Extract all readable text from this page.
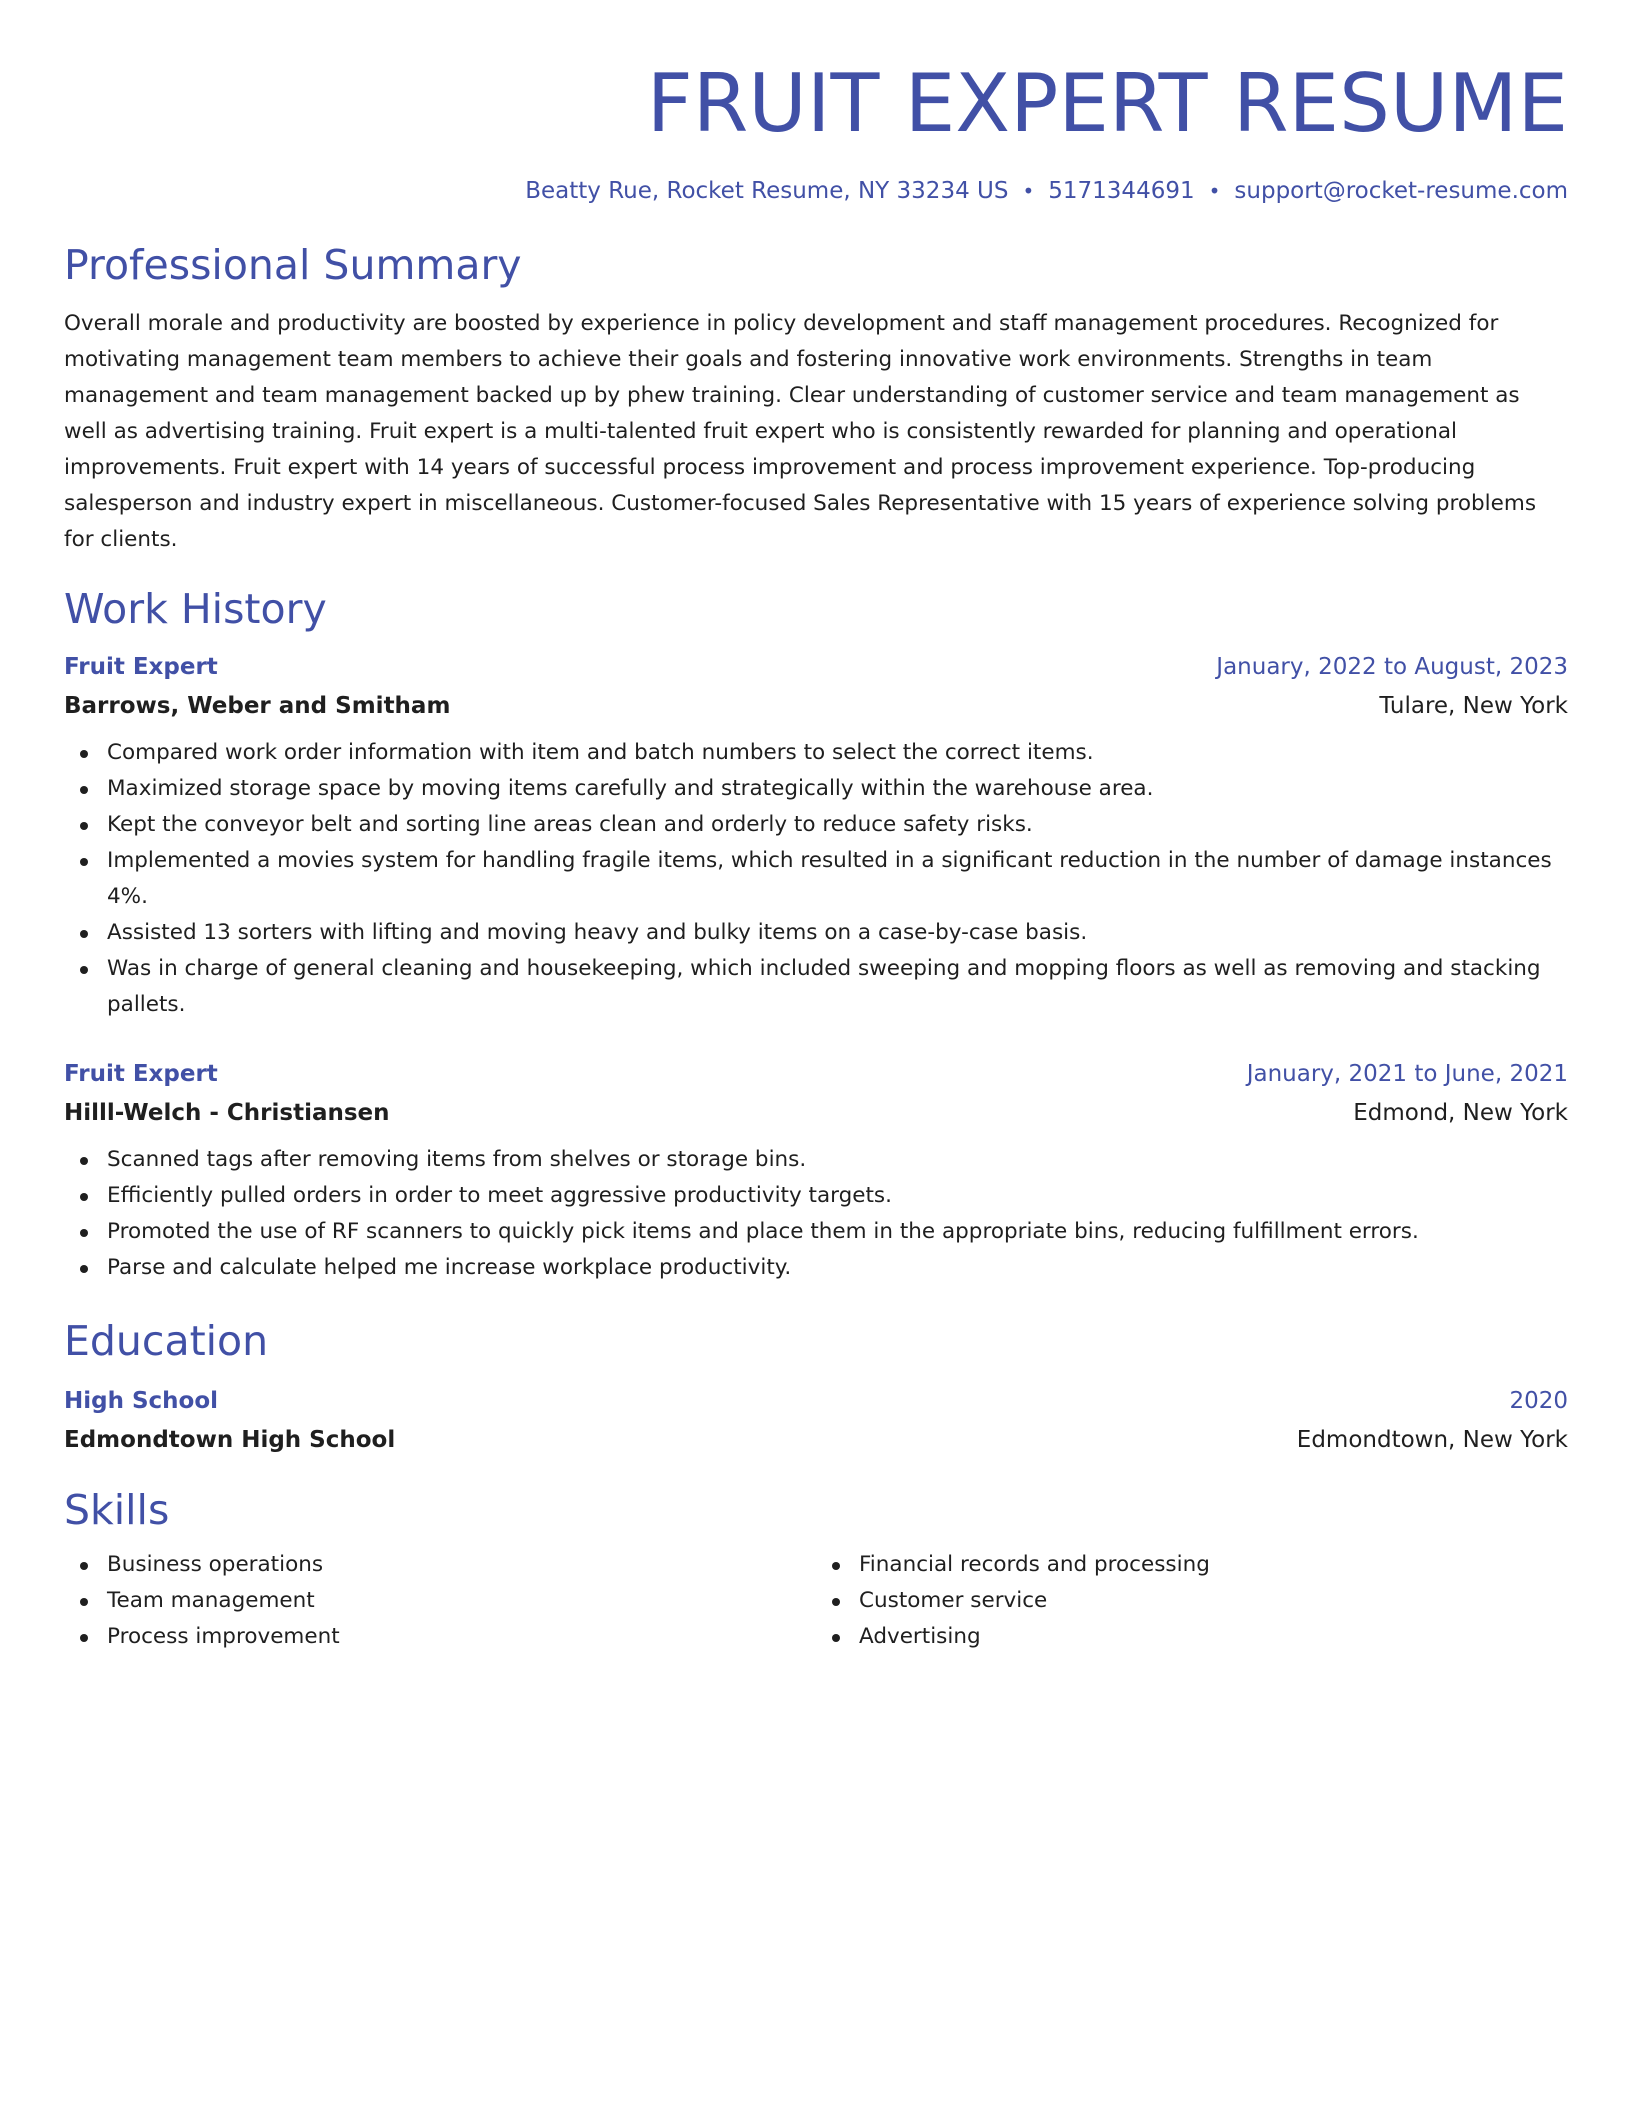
FRUIT EXPERT RESUME
Beatty Rue, Rocket Resume, NY 33234 US • 5171344691 • support@rocket-resume.com
Professional Summary
Overall morale and productivity are boosted by experience in policy development and staff management procedures. Recognized for motivating management team members to achieve their goals and fostering innovative work environments. Strengths in team management and team management backed up by phew training. Clear understanding of customer service and team management as well as advertising training. Fruit expert is a multi-talented fruit expert who is consistently rewarded for planning and operational improvements. Fruit expert with 14 years of successful process improvement and process improvement experience. Top-producing salesperson and industry expert in miscellaneous. Customer-focused Sales Representative with 15 years of experience solving problems for clients.
Work History
Fruit Expert	January, 2022 to August, 2023
Barrows, Weber and Smitham	Tulare, New York
Compared work order information with item and batch numbers to select the correct items.
Maximized storage space by moving items carefully and strategically within the warehouse area.
Kept the conveyor belt and sorting line areas clean and orderly to reduce safety risks.
Implemented a movies system for handling fragile items, which resulted in a significant reduction in the number of damage instances 4%.
Assisted 13 sorters with lifting and moving heavy and bulky items on a case-by-case basis.
Was in charge of general cleaning and housekeeping, which included sweeping and mopping floors as well as removing and stacking pallets.
Fruit Expert	January, 2021 to June, 2021
Hilll-Welch - Christiansen	Edmond, New York
Scanned tags after removing items from shelves or storage bins.
Efficiently pulled orders in order to meet aggressive productivity targets.
Promoted the use of RF scanners to quickly pick items and place them in the appropriate bins, reducing fulfillment errors.
Parse and calculate helped me increase workplace productivity.
Education
High School	2020
Edmondtown High School	Edmondtown, New York
Skills
Business operations
Team management
Process improvement
Financial records and processing
Customer service
Advertising
